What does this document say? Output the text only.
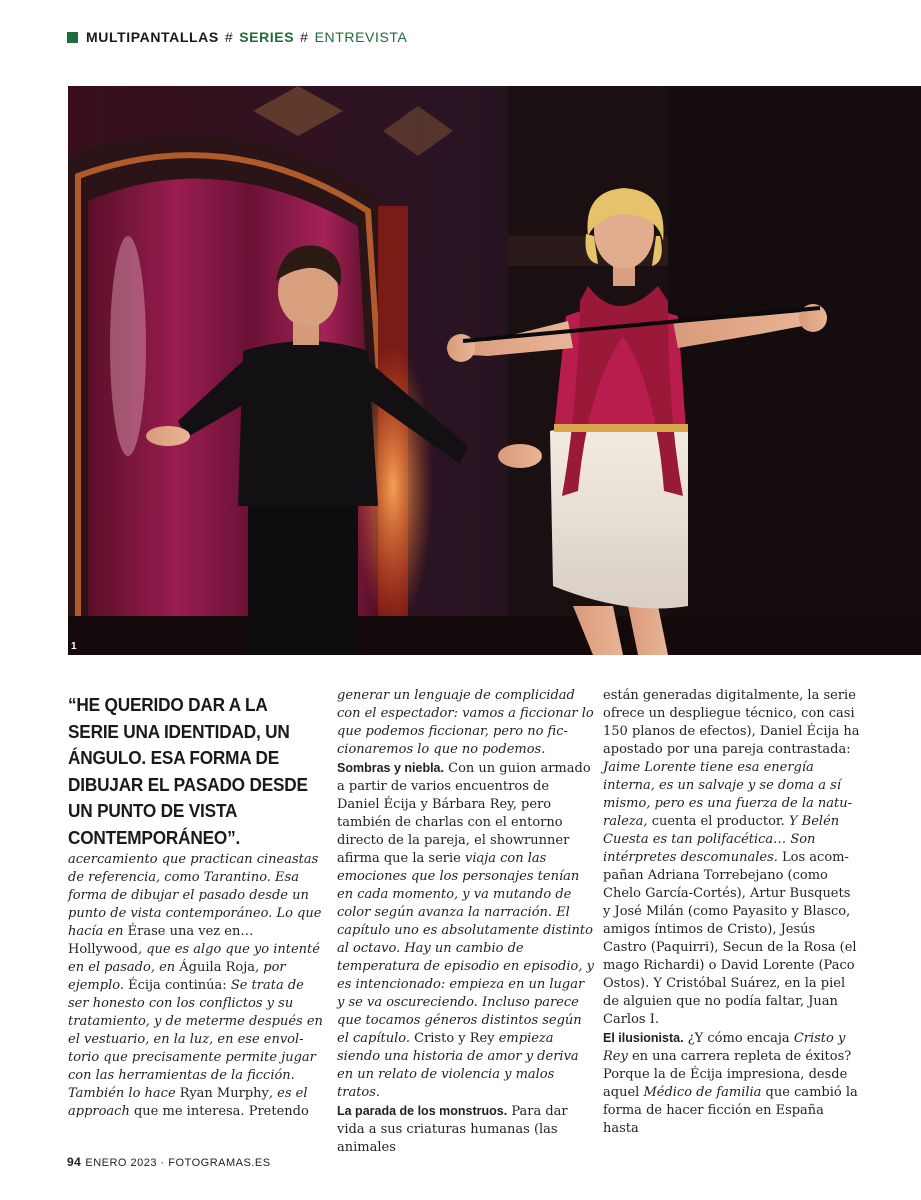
MULTIPANTALLAS # SERIES # ENTREVISTA
1
“HE QUERIDO DAR A LA SERIE UNA IDENTIDAD, UN ÁNGULO. ESA FORMA DE DIBUJAR EL PASADO DESDE UN PUNTO DE VISTA CONTEMPORÁNEO”.

acercamiento que practican cineastas de referencia, como Tarantino. Esa forma de dibujar el pasado desde un punto de vista contemporáneo. Lo que hacía en Érase una vez en… Hollywood, que es algo que yo intenté en el pasado, en Águila Roja, por ejemplo. Écija continúa: Se trata de ser honesto con los conflictos y su tratamiento, y de meterme después en el vestuario, en la luz, en ese envoltorio que precisamente permite jugar con las herramientas de la ficción. También lo hace Ryan Murphy, es el approach que me interesa. Pretendo

generar un lenguaje de complicidad con el espectador: vamos a ficcionar lo que podemos ficcionar, pero no ficcionaremos lo que no podemos.

Sombras y niebla. Con un guion armado a partir de varios encuentros de Daniel Écija y Bárbara Rey, pero también de charlas con el entorno directo de la pareja, el showrunner afirma que la serie viaja con las emociones que los personajes tenían en cada momento, y va mutando de color según avanza la narración. El capítulo uno es absolutamente distinto al octavo. Hay un cambio de temperatura de episodio en episodio, y es intencionado: empieza en un lugar y se va oscureciendo. Incluso parece que tocamos géneros distintos según el capítulo. Cristo y Rey empieza siendo una historia de amor y deriva en un relato de violencia y malos tratos.

La parada de los monstruos. Para dar vida a sus criaturas humanas (las animales

están generadas digitalmente, la serie ofrece un despliegue técnico, con casi 150 planos de efectos), Daniel Écija ha apostado por una pareja contrastada: Jaime Lorente tiene esa energía interna, es un salvaje y se doma a sí mismo, pero es una fuerza de la naturaleza, cuenta el productor. Y Belén Cuesta es tan polifacética… Son intérpretes descomunales. Los acompañan Adriana Torrebejano (como Chelo García-Cortés), Artur Busquets y José Milán (como Payasito y Blasco, amigos íntimos de Cristo), Jesús Castro (Paquirri), Secun de la Rosa (el mago Richardi) o David Lorente (Paco Ostos). Y Cristóbal Suárez, en la piel de alguien que no podía faltar, Juan Carlos I.

El ilusionista. ¿Y cómo encaja Cristo y Rey en una carrera repleta de éxitos? Porque la de Écija impresiona, desde aquel Médico de familia que cambió la forma de hacer ficción en España hasta

94 ENERO 2023 · FOTOGRAMAS.ES
